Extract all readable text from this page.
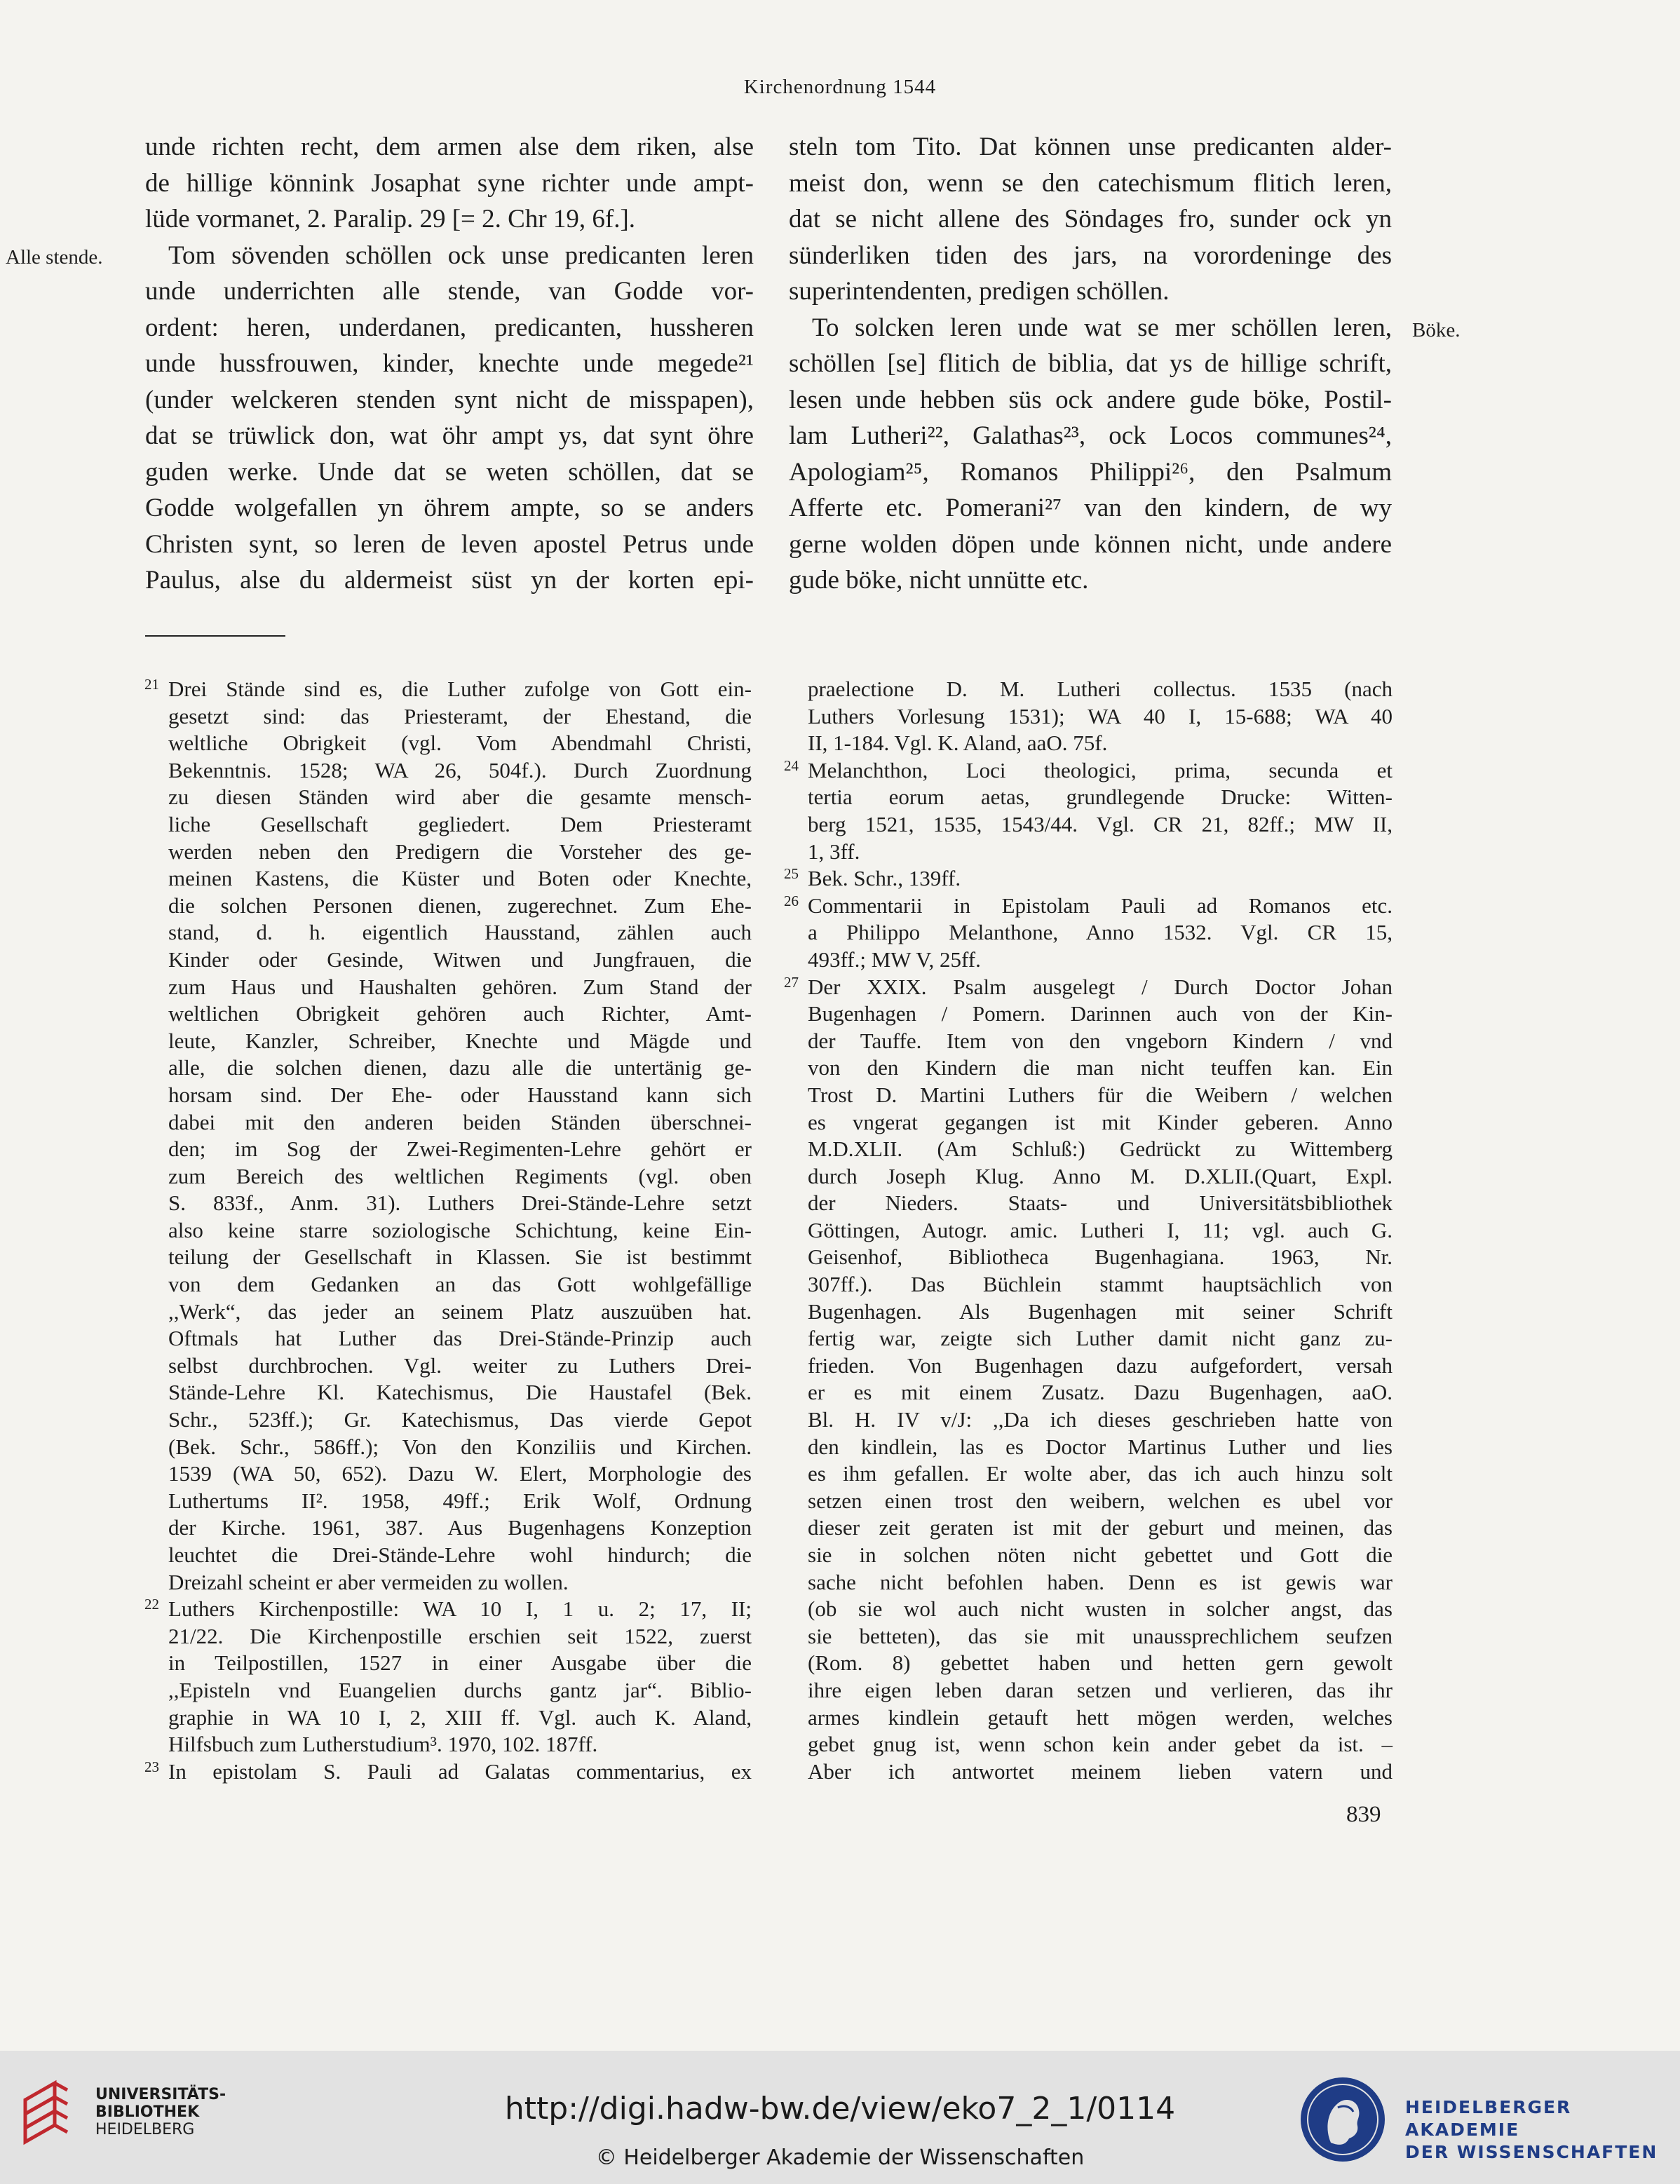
Kirchenordnung 1544
Alle stende.
Böke.
unde richten recht, dem armen alse dem riken, alse
de hillige könnink Josaphat syne richter unde ampt-
lüde vormanet, 2. Paralip. 29 [= 2. Chr 19, 6f.].
Tom sövenden schöllen ock unse predicanten leren
unde underrichten alle stende, van Godde vor-
ordent: heren, underdanen, predicanten, hussheren
unde hussfrouwen, kinder, knechte unde megede²¹
(under welckeren stenden synt nicht de misspapen),
dat se trüwlick don, wat öhr ampt ys, dat synt öhre
guden werke. Unde dat se weten schöllen, dat se
Godde wolgefallen yn öhrem ampte, so se anders
Christen synt, so leren de leven apostel Petrus unde
Paulus, alse du aldermeist süst yn der korten epi-
steln tom Tito. Dat können unse predicanten alder-
meist don, wenn se den catechismum flitich leren,
dat se nicht allene des Söndages fro, sunder ock yn
sünderliken tiden des jars, na vorordeninge des
superintendenten, predigen schöllen.
To solcken leren unde wat se mer schöllen leren,
schöllen [se] flitich de biblia, dat ys de hillige schrift,
lesen unde hebben süs ock andere gude böke, Postil-
lam Lutheri²², Galathas²³, ock Locos communes²⁴,
Apologiam²⁵, Romanos Philippi²⁶, den Psalmum
Afferte etc. Pomerani²⁷ van den kindern, de wy
gerne wolden döpen unde können nicht, unde andere
gude böke, nicht unnütte etc.
Drei Stände sind es, die Luther zufolge von Gott ein-
gesetzt sind: das Priesteramt, der Ehestand, die
weltliche Obrigkeit (vgl. Vom Abendmahl Christi,
Bekenntnis. 1528; WA 26, 504f.). Durch Zuordnung
zu diesen Ständen wird aber die gesamte mensch-
liche Gesellschaft gegliedert. Dem Priesteramt
werden neben den Predigern die Vorsteher des ge-
meinen Kastens, die Küster und Boten oder Knechte,
die solchen Personen dienen, zugerechnet. Zum Ehe-
stand, d. h. eigentlich Hausstand, zählen auch
Kinder oder Gesinde, Witwen und Jungfrauen, die
zum Haus und Haushalten gehören. Zum Stand der
weltlichen Obrigkeit gehören auch Richter, Amt-
leute, Kanzler, Schreiber, Knechte und Mägde und
alle, die solchen dienen, dazu alle die untertänig ge-
horsam sind. Der Ehe- oder Hausstand kann sich
dabei mit den anderen beiden Ständen überschnei-
den; im Sog der Zwei-Regimenten-Lehre gehört er
zum Bereich des weltlichen Regiments (vgl. oben
S. 833f., Anm. 31). Luthers Drei-Stände-Lehre setzt
also keine starre soziologische Schichtung, keine Ein-
teilung der Gesellschaft in Klassen. Sie ist bestimmt
von dem Gedanken an das Gott wohlgefällige
,,Werk“, das jeder an seinem Platz auszuüben hat.
Oftmals hat Luther das Drei-Stände-Prinzip auch
selbst durchbrochen. Vgl. weiter zu Luthers Drei-
Stände-Lehre Kl. Katechismus, Die Haustafel (Bek.
Schr., 523ff.); Gr. Katechismus, Das vierde Gepot
(Bek. Schr., 586ff.); Von den Konziliis und Kirchen.
1539 (WA 50, 652). Dazu W. Elert, Morphologie des
Luthertums II². 1958, 49ff.; Erik Wolf, Ordnung
der Kirche. 1961, 387. Aus Bugenhagens Konzeption
leuchtet die Drei-Stände-Lehre wohl hindurch; die
Dreizahl scheint er aber vermeiden zu wollen.
Luthers Kirchenpostille: WA 10 I, 1 u. 2; 17, II;
21/22. Die Kirchenpostille erschien seit 1522, zuerst
in Teilpostillen, 1527 in einer Ausgabe über die
,,Episteln vnd Euangelien durchs gantz jar“. Biblio-
graphie in WA 10 I, 2, XIII ff. Vgl. auch K. Aland,
Hilfsbuch zum Lutherstudium³. 1970, 102. 187ff.
In epistolam S. Pauli ad Galatas commentarius, ex
21
22
23
praelectione D. M. Lutheri collectus. 1535 (nach
Luthers Vorlesung 1531); WA 40 I, 15-688; WA 40
II, 1-184. Vgl. K. Aland, aaO. 75f.
Melanchthon, Loci theologici, prima, secunda et
tertia eorum aetas, grundlegende Drucke: Witten-
berg 1521, 1535, 1543/44. Vgl. CR 21, 82ff.; MW II,
1, 3ff.
Bek. Schr., 139ff.
Commentarii in Epistolam Pauli ad Romanos etc.
a Philippo Melanthone, Anno 1532. Vgl. CR 15,
493ff.; MW V, 25ff.
Der XXIX. Psalm ausgelegt / Durch Doctor Johan
Bugenhagen / Pomern. Darinnen auch von der Kin-
der Tauffe. Item von den vngeborn Kindern / vnd
von den Kindern die man nicht teuffen kan. Ein
Trost D. Martini Luthers für die Weibern / welchen
es vngerat gegangen ist mit Kinder geberen. Anno
M.D.XLII. (Am Schluß:) Gedrückt zu Wittemberg
durch Joseph Klug. Anno M. D.XLII.(Quart, Expl.
der Nieders. Staats- und Universitätsbibliothek
Göttingen, Autogr. amic. Lutheri I, 11; vgl. auch G.
Geisenhof, Bibliotheca Bugenhagiana. 1963, Nr.
307ff.). Das Büchlein stammt hauptsächlich von
Bugenhagen. Als Bugenhagen mit seiner Schrift
fertig war, zeigte sich Luther damit nicht ganz zu-
frieden. Von Bugenhagen dazu aufgefordert, versah
er es mit einem Zusatz. Dazu Bugenhagen, aaO.
Bl. H. IV v/J: ,,Da ich dieses geschrieben hatte von
den kindlein, las es Doctor Martinus Luther und lies
es ihm gefallen. Er wolte aber, das ich auch hinzu solt
setzen einen trost den weibern, welchen es ubel vor
dieser zeit geraten ist mit der geburt und meinen, das
sie in solchen nöten nicht gebettet und Gott die
sache nicht befohlen haben. Denn es ist gewis war
(ob sie wol auch nicht wusten in solcher angst, das
sie betteten), das sie mit unaussprechlichem seufzen
(Rom. 8) gebettet haben und hetten gern gewolt
ihre eigen leben daran setzen und verlieren, das ihr
armes kindlein getauft hett mögen werden, welches
gebet gnug ist, wenn schon kein ander gebet da ist. –
Aber ich antwortet meinem lieben vatern und
24
25
26
27
839
UNIVERSITÄTS-
BIBLIOTHEK
HEIDELBERG
http://digi.hadw-bw.de/view/eko7_2_1/0114
© Heidelberger Akademie der Wissenschaften
HEIDELBERGER AKADEMIE
DER WISSENSCHAFTEN
